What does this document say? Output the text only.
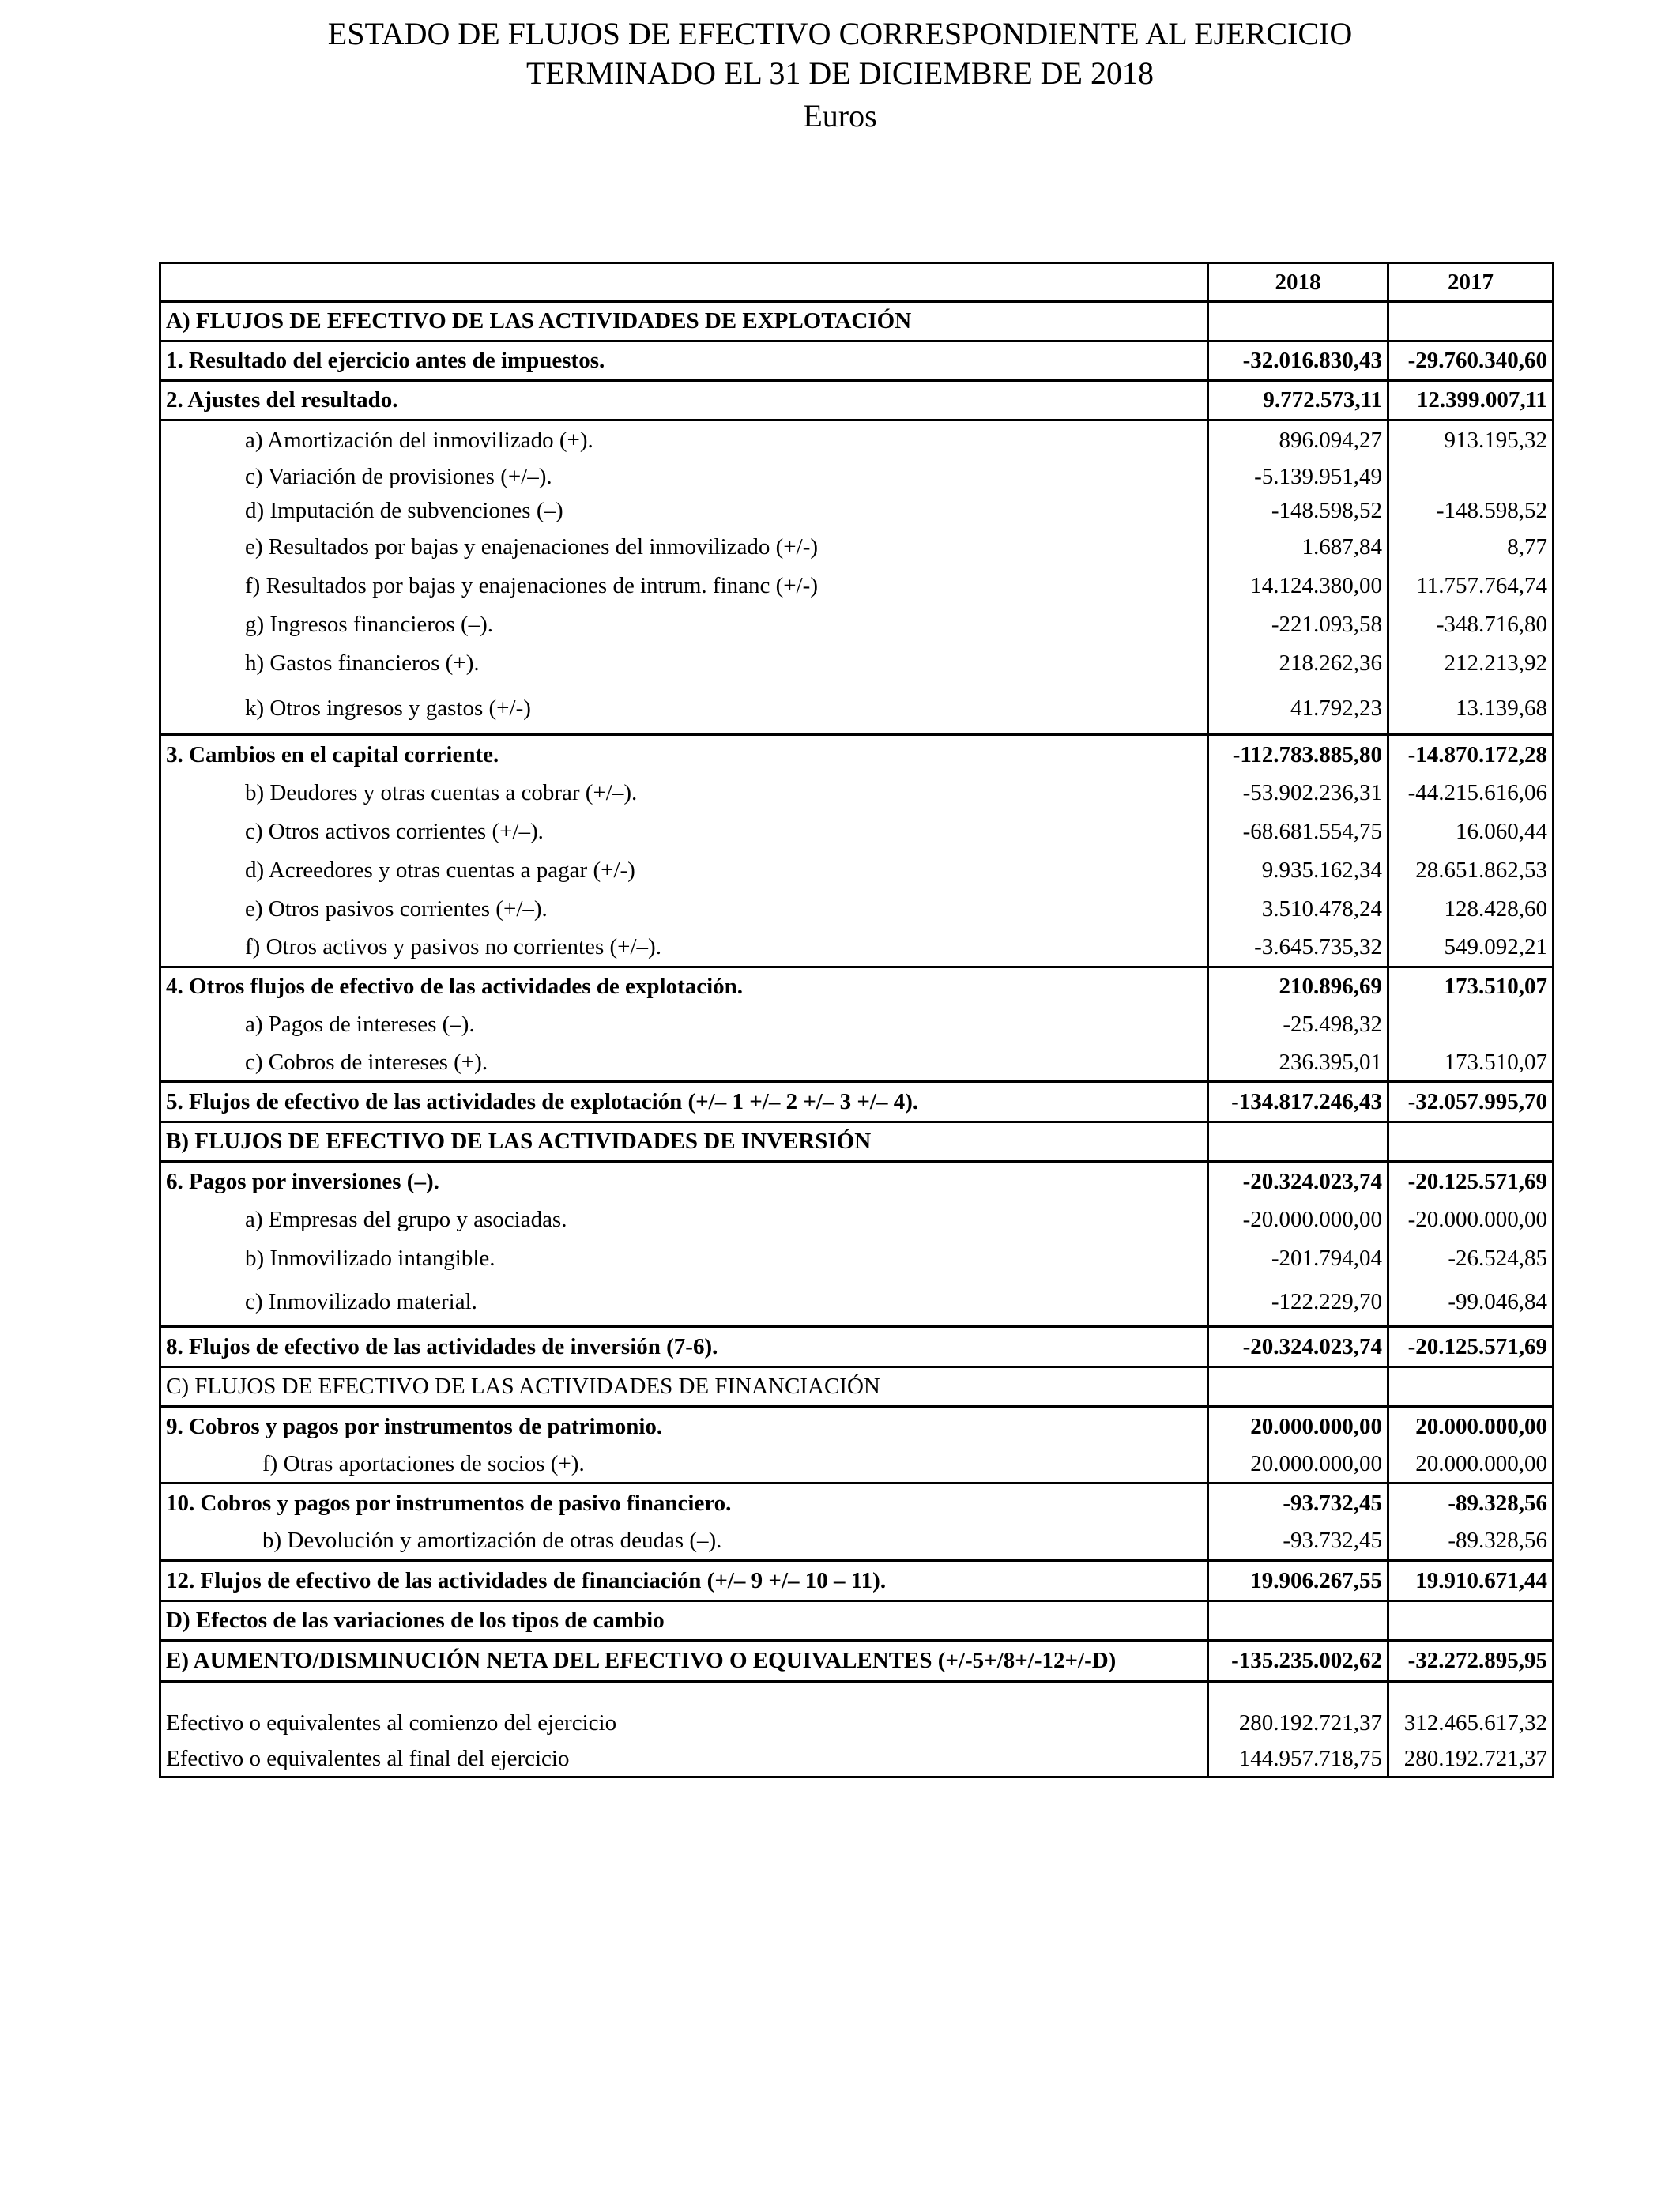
ESTADO DE FLUJOS DE EFECTIVO CORRESPONDIENTE AL EJERCICIO
TERMINADO EL 31 DE DICIEMBRE DE 2018
Euros
2018	2017
A) FLUJOS DE EFECTIVO DE LAS ACTIVIDADES DE EXPLOTACIÓN
1. Resultado del ejercicio antes de impuestos.	-32.016.830,43	-29.760.340,60
2. Ajustes del resultado.	9.772.573,11	12.399.007,11
a) Amortización del inmovilizado (+).	896.094,27	913.195,32
c) Variación de provisiones (+/–).	-5.139.951,49
d) Imputación de subvenciones (–)	-148.598,52	-148.598,52
e) Resultados por bajas y enajenaciones del inmovilizado (+/-)	1.687,84	8,77
f) Resultados por bajas y enajenaciones de intrum. financ (+/-)	14.124.380,00	11.757.764,74
g) Ingresos financieros (–).	-221.093,58	-348.716,80
h) Gastos financieros (+).	218.262,36	212.213,92
k) Otros ingresos y gastos (+/-)	41.792,23	13.139,68
3. Cambios en el capital corriente.	-112.783.885,80	-14.870.172,28
b) Deudores y otras cuentas a cobrar (+/–).	-53.902.236,31	-44.215.616,06
c) Otros activos corrientes (+/–).	-68.681.554,75	16.060,44
d) Acreedores y otras cuentas a pagar (+/-)	9.935.162,34	28.651.862,53
e) Otros pasivos corrientes (+/–).	3.510.478,24	128.428,60
f) Otros activos y pasivos no corrientes (+/–).	-3.645.735,32	549.092,21
4. Otros flujos de efectivo de las actividades de explotación.	210.896,69	173.510,07
a) Pagos de intereses (–).	-25.498,32
c) Cobros de intereses (+).	236.395,01	173.510,07
5. Flujos de efectivo de las actividades de explotación (+/– 1 +/– 2 +/– 3 +/– 4).	-134.817.246,43	-32.057.995,70
B) FLUJOS DE EFECTIVO DE LAS ACTIVIDADES DE INVERSIÓN
6. Pagos por inversiones (–).	-20.324.023,74	-20.125.571,69
a) Empresas del grupo y asociadas.	-20.000.000,00	-20.000.000,00
b) Inmovilizado intangible.	-201.794,04	-26.524,85
c) Inmovilizado material.	-122.229,70	-99.046,84
8. Flujos de efectivo de las actividades de inversión (7-6).	-20.324.023,74	-20.125.571,69
C) FLUJOS DE EFECTIVO DE LAS ACTIVIDADES DE FINANCIACIÓN
9. Cobros y pagos por instrumentos de patrimonio.	20.000.000,00	20.000.000,00
f) Otras aportaciones de socios (+).	20.000.000,00	20.000.000,00
10. Cobros y pagos por instrumentos de pasivo financiero.	-93.732,45	-89.328,56
b) Devolución y amortización de otras deudas (–).	-93.732,45	-89.328,56
12. Flujos de efectivo de las actividades de financiación (+/– 9 +/– 10 – 11).	19.906.267,55	19.910.671,44
D) Efectos de las variaciones de los tipos de cambio
E) AUMENTO/DISMINUCIÓN NETA DEL EFECTIVO O EQUIVALENTES (+/-5+/8+/-12+/-D)	-135.235.002,62	-32.272.895,95
Efectivo o equivalentes al comienzo del ejercicio	280.192.721,37 312.465.617,32
Efectivo o equivalentes al final del ejercicio	144.957.718,75 280.192.721,37
